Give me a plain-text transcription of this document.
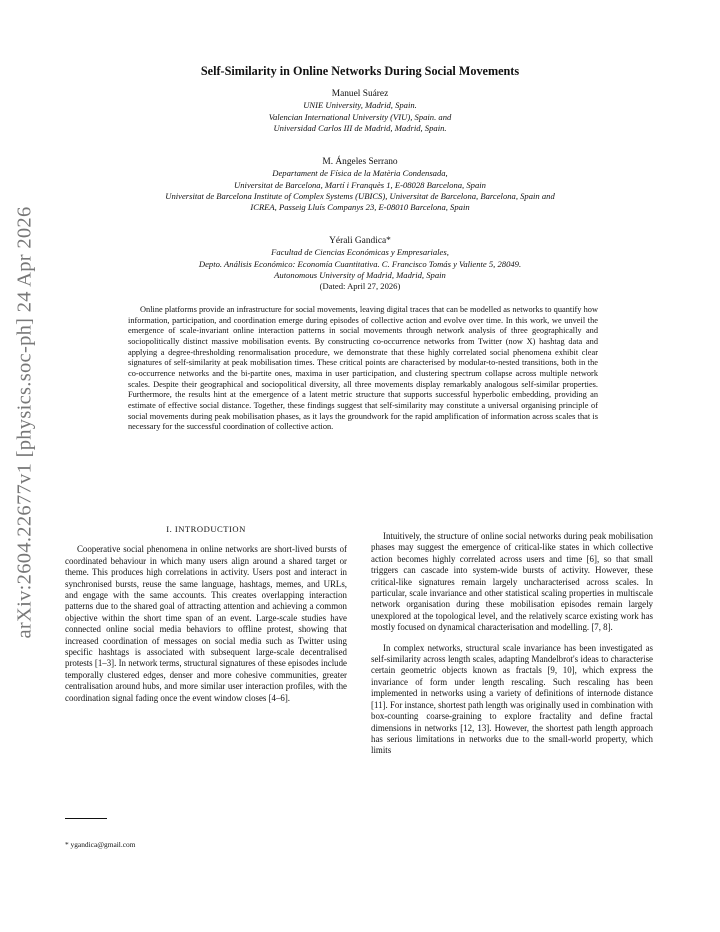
arXiv:2604.22677v1 [physics.soc-ph] 24 Apr 2026
Self-Similarity in Online Networks During Social Movements
Manuel Suárez
UNIE University, Madrid, Spain.
Valencian International University (VIU), Spain. and
Universidad Carlos III de Madrid, Madrid, Spain.
M. Ángeles Serrano
Departament de Física de la Matèria Condensada,
Universitat de Barcelona, Martí i Franquès 1, E-08028 Barcelona, Spain
Universitat de Barcelona Institute of Complex Systems (UBICS), Universitat de Barcelona, Barcelona, Spain and
ICREA, Passeig Lluís Companys 23, E-08010 Barcelona, Spain
Yérali Gandica*
Facultad de Ciencias Económicas y Empresariales,
Depto. Análisis Económico: Economía Cuantitativa. C. Francisco Tomás y Valiente 5, 28049.
Autonomous University of Madrid, Madrid, Spain
(Dated: April 27, 2026)

Online platforms provide an infrastructure for social movements, leaving digital traces that can be modelled as networks to quantify how information, participation, and coordination emerge during episodes of collective action and evolve over time. In this work, we unveil the emergence of scale-invariant online interaction patterns in social movements through network analysis of three geographically and sociopolitically distinct massive mobilisation events. By constructing co-occurrence networks from Twitter (now X) hashtag data and applying a degree-thresholding renormalisation procedure, we demonstrate that these highly correlated social phenomena exhibit clear signatures of self-similarity at peak mobilisation times. These critical points are characterised by modular-to-nested transitions, both in the co-occurrence networks and the bi-partite ones, maxima in user participation, and clustering spectrum collapse across multiple network scales. Despite their geographical and sociopolitical diversity, all three movements display remarkably analogous self-similar properties. Furthermore, the results hint at the emergence of a latent metric structure that supports successful hyperbolic embedding, providing an estimate of effective social distance. Together, these findings suggest that self-similarity may constitute a universal organising principle of social movements during peak mobilisation phases, as it lays the groundwork for the rapid amplification of information across scales that is necessary for the successful coordination of collective action.

I. INTRODUCTION

Cooperative social phenomena in online networks are short-lived bursts of coordinated behaviour in which many users align around a shared target or theme. This produces high correlations in activity. Users post and interact in synchronised bursts, reuse the same language, hashtags, memes, and URLs, and engage with the same accounts. This creates overlapping interaction patterns due to the shared goal of attracting attention and achieving a common objective within the short time span of an event. Large-scale studies have connected online social media behaviors to offline protest, showing that increased coordination of messages on social media such as Twitter using specific hashtags is associated with subsequent large-scale decentralised protests [1–3]. In network terms, structural signatures of these episodes include temporally clustered edges, denser and more cohesive communities, greater centralisation around hubs, and more similar user interaction profiles, with the coordination signal fading once the event window closes [4–6].

Intuitively, the structure of online social networks during peak mobilisation phases may suggest the emergence of critical-like states in which collective action becomes highly correlated across users and time [6], so that small triggers can cascade into system-wide bursts of activity. However, these critical-like signatures remain largely uncharacterised across scales. In particular, scale invariance and other statistical scaling properties in multiscale network organisation during these mobilisation episodes remain largely unexplored at the topological level, and the relatively scarce existing work has mostly focused on dynamical characterisation and modelling. [7, 8].

In complex networks, structural scale invariance has been investigated as self-similarity across length scales, adapting Mandelbrot's ideas to characterise certain geometric objects known as fractals [9, 10], which express the invariance of form under length rescaling. Such rescaling has been implemented in networks using a variety of definitions of internode distance [11]. For instance, shortest path length was originally used in combination with box-counting coarse-graining to explore fractality and define fractal dimensions in networks [12, 13]. However, the shortest path length approach has serious limitations in networks due to the small-world property, which limits

* ygandica@gmail.com
